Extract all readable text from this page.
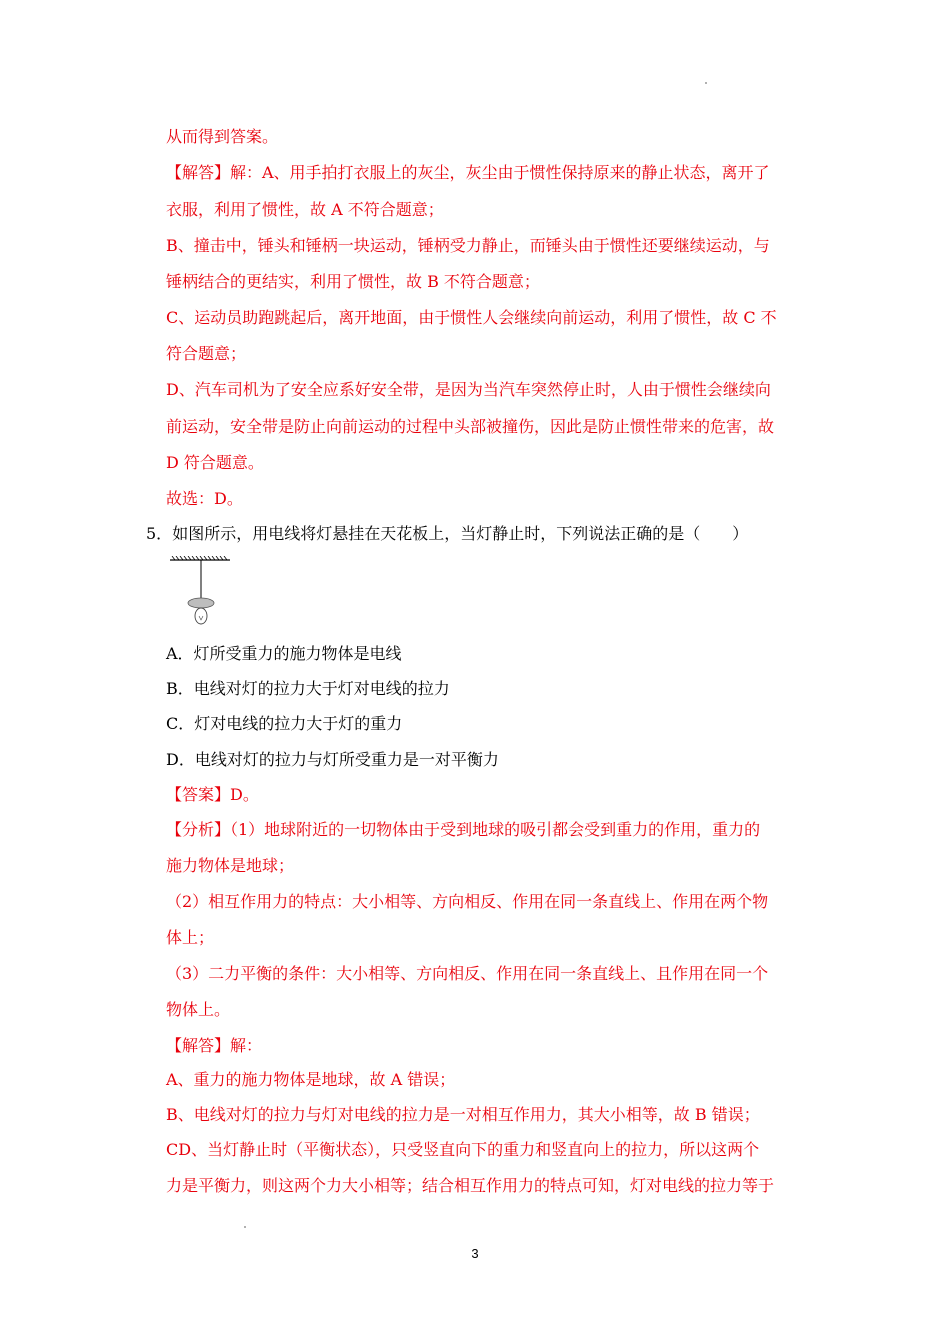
从而得到答案。
【解答】解：A、用手拍打衣服上的灰尘，灰尘由于惯性保持原来的静止状态，离开了
衣服，利用了惯性，故 A 不符合题意；
B、撞击中，锤头和锤柄一块运动，锤柄受力静止，而锤头由于惯性还要继续运动，与
锤柄结合的更结实，利用了惯性，故 B 不符合题意；
C、运动员助跑跳起后，离开地面，由于惯性人会继续向前运动，利用了惯性，故 C 不
符合题意；
D、汽车司机为了安全应系好安全带，是因为当汽车突然停止时，人由于惯性会继续向
前运动，安全带是防止向前运动的过程中头部被撞伤，因此是防止惯性带来的危害，故
D 符合题意。
故选：D。
5．如图所示，用电线将灯悬挂在天花板上，当灯静止时，下列说法正确的是（　　）
A．灯所受重力的施力物体是电线
B．电线对灯的拉力大于灯对电线的拉力
C．灯对电线的拉力大于灯的重力
D．电线对灯的拉力与灯所受重力是一对平衡力
【答案】D。
【分析】（1）地球附近的一切物体由于受到地球的吸引都会受到重力的作用，重力的
施力物体是地球；
（2）相互作用力的特点：大小相等、方向相反、作用在同一条直线上、作用在两个物
体上；
（3）二力平衡的条件：大小相等、方向相反、作用在同一条直线上、且作用在同一个
物体上。
【解答】解：
A、重力的施力物体是地球，故 A 错误；
B、电线对灯的拉力与灯对电线的拉力是一对相互作用力，其大小相等，故 B 错误；
CD、当灯静止时（平衡状态），只受竖直向下的重力和竖直向上的拉力，所以这两个
力是平衡力，则这两个力大小相等；结合相互作用力的特点可知，灯对电线的拉力等于
3
